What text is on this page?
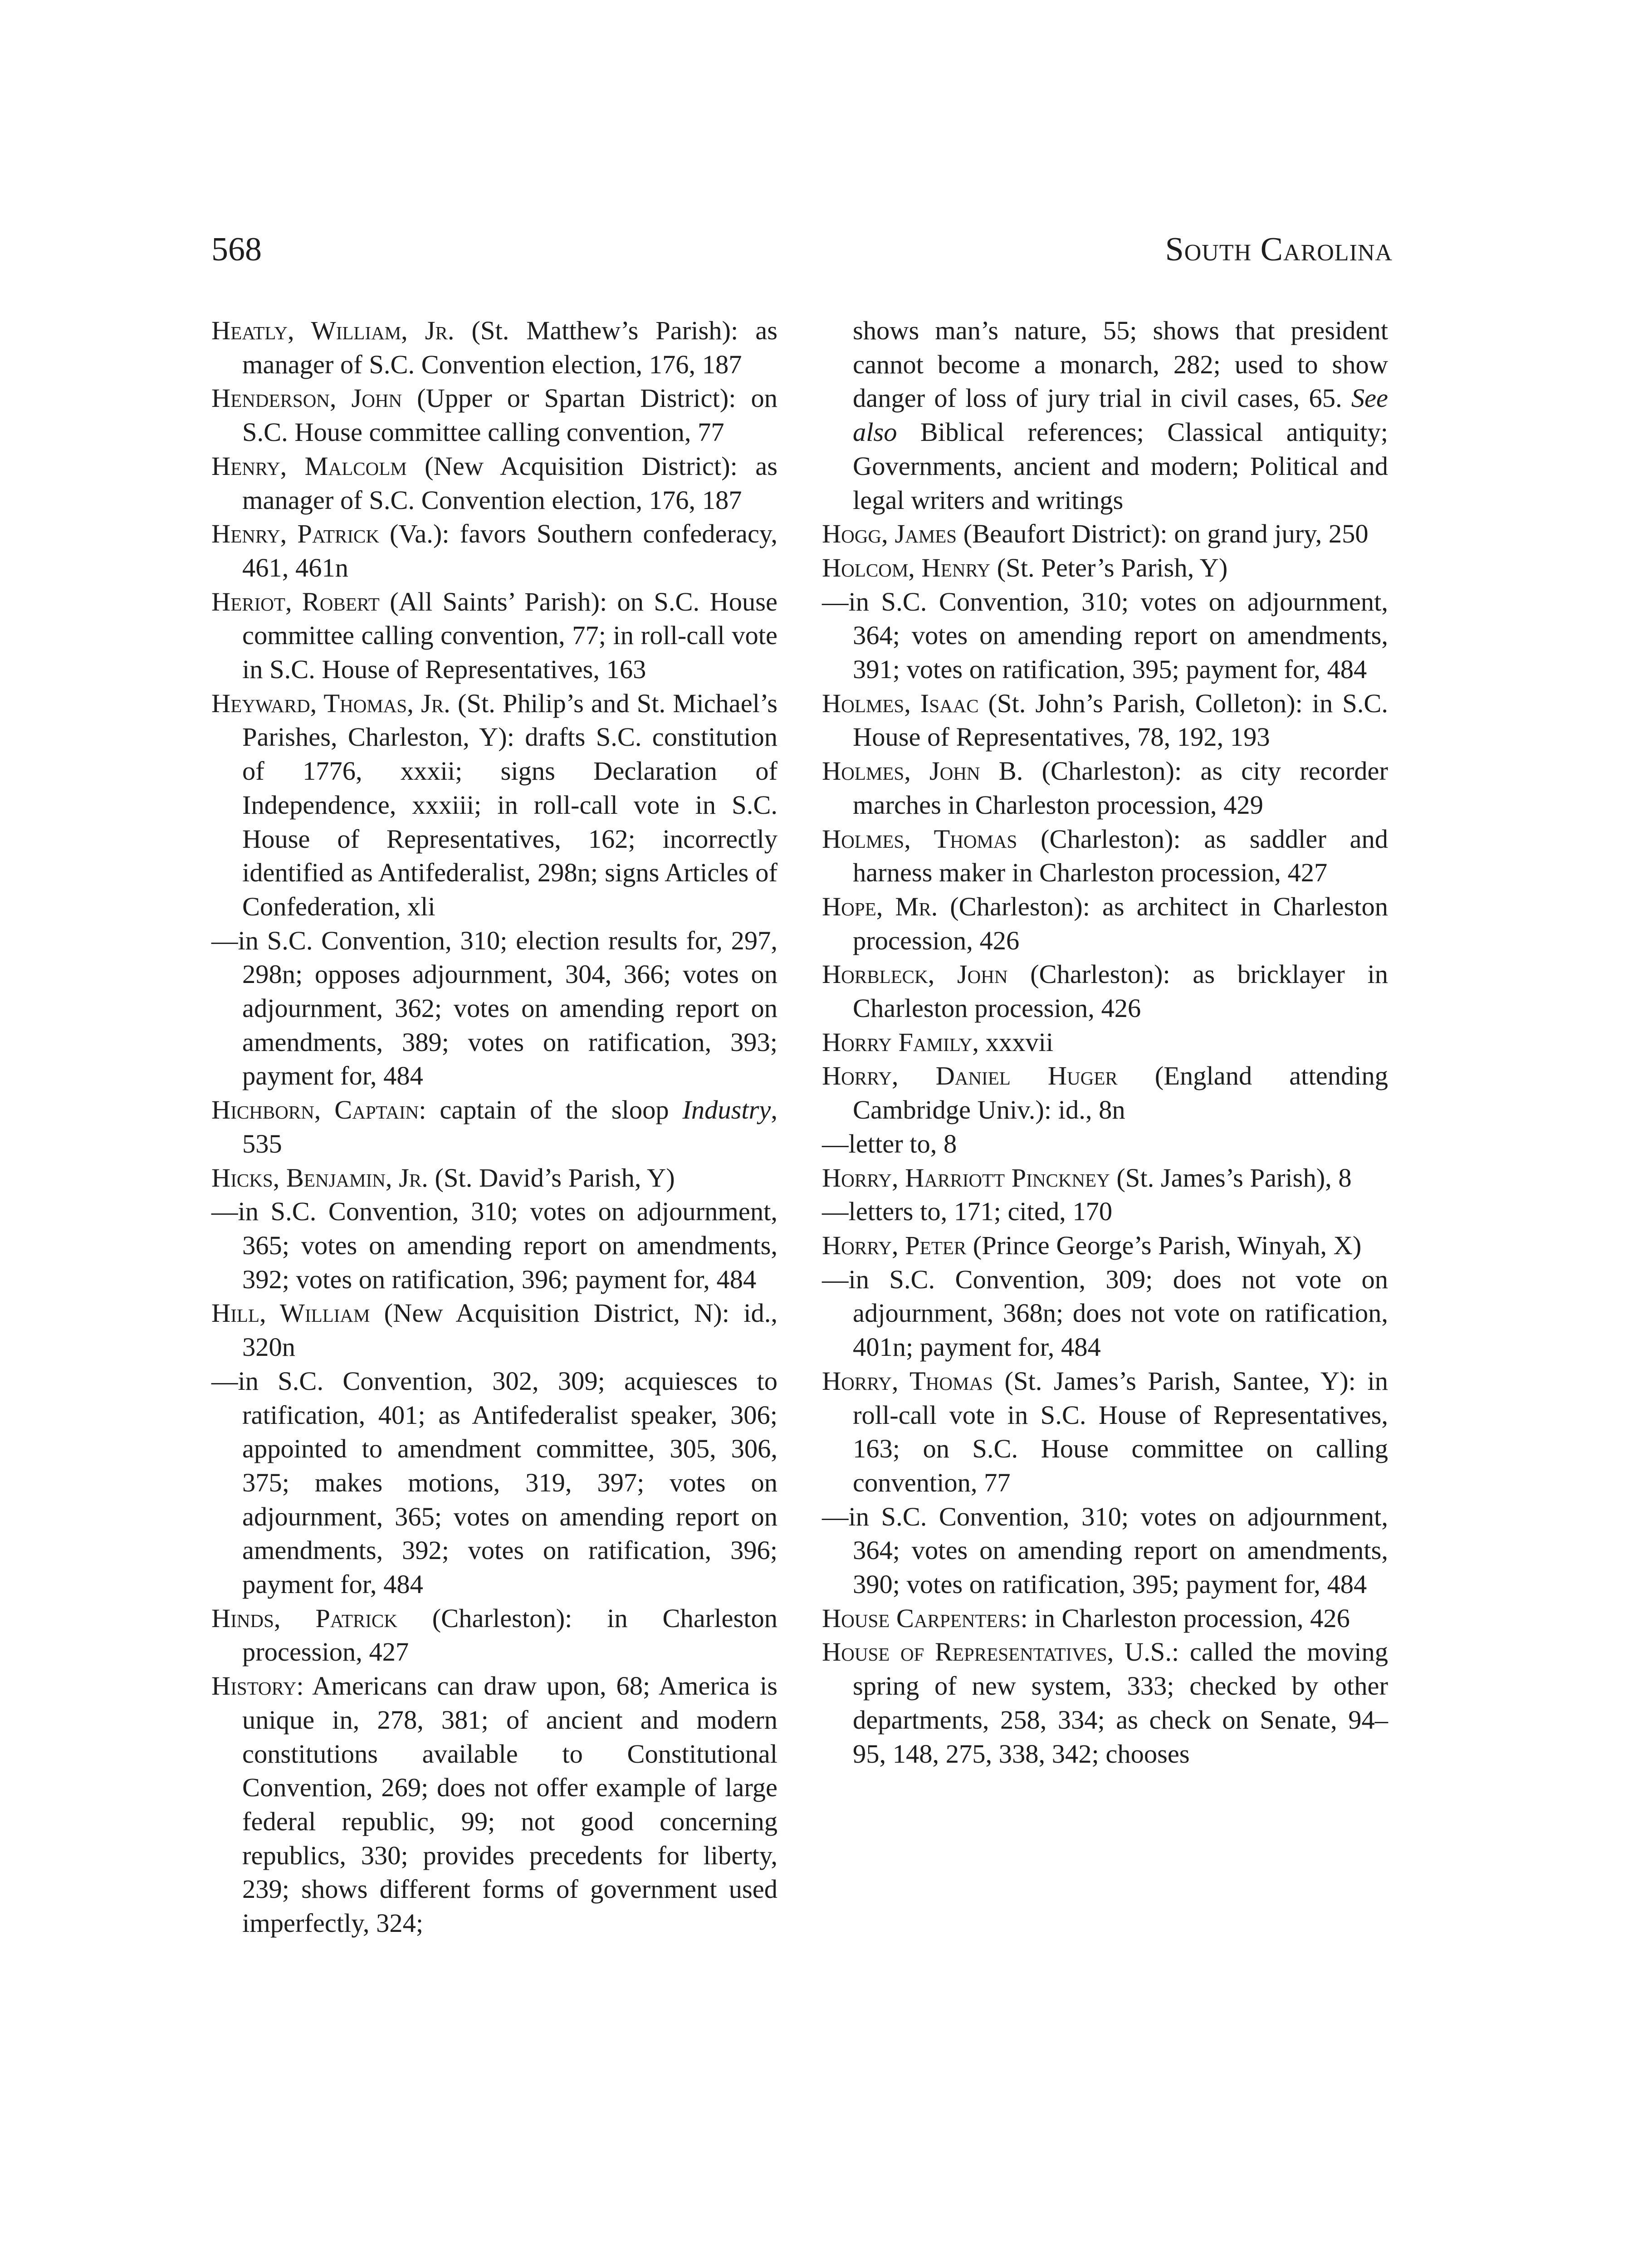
568	South Carolina

Heatly, William, Jr. (St. Matthew’s Parish): as manager of S.C. Convention election, 176, 187

Henderson, John (Upper or Spartan District): on S.C. House committee calling convention, 77

Henry, Malcolm (New Acquisition District): as manager of S.C. Convention election, 176, 187

Henry, Patrick (Va.): favors Southern confederacy, 461, 461n

Heriot, Robert (All Saints’ Parish): on S.C. House committee calling convention, 77; in roll-call vote in S.C. House of Representatives, 163

Heyward, Thomas, Jr. (St. Philip’s and St. Michael’s Parishes, Charleston, Y): drafts S.C. constitution of 1776, xxxii; signs Declaration of Independence, xxxiii; in roll-call vote in S.C. House of Representatives, 162; incorrectly identified as Antifederalist, 298n; signs Articles of Confederation, xli

—in S.C. Convention, 310; election results for, 297, 298n; opposes adjournment, 304, 366; votes on adjournment, 362; votes on amending report on amendments, 389; votes on ratification, 393; payment for, 484

Hichborn, Captain: captain of the sloop Industry, 535

Hicks, Benjamin, Jr. (St. David’s Parish, Y)

—in S.C. Convention, 310; votes on adjournment, 365; votes on amending report on amendments, 392; votes on ratification, 396; payment for, 484

Hill, William (New Acquisition District, N): id., 320n

—in S.C. Convention, 302, 309; acquiesces to ratification, 401; as Antifederalist speaker, 306; appointed to amendment committee, 305, 306, 375; makes motions, 319, 397; votes on adjournment, 365; votes on amending report on amendments, 392; votes on ratification, 396; payment for, 484

Hinds, Patrick (Charleston): in Charleston procession, 427

History: Americans can draw upon, 68; America is unique in, 278, 381; of ancient and modern constitutions available to Constitutional Convention, 269; does not offer example of large federal republic, 99; not good concerning republics, 330; provides precedents for liberty, 239; shows different forms of government used imperfectly, 324;

shows man’s nature, 55; shows that president cannot become a monarch, 282; used to show danger of loss of jury trial in civil cases, 65. See also Biblical references; Classical antiquity; Governments, ancient and modern; Political and legal writers and writings

Hogg, James (Beaufort District): on grand jury, 250

Holcom, Henry (St. Peter’s Parish, Y)

—in S.C. Convention, 310; votes on adjournment, 364; votes on amending report on amendments, 391; votes on ratification, 395; payment for, 484

Holmes, Isaac (St. John’s Parish, Colleton): in S.C. House of Representatives, 78, 192, 193

Holmes, John B. (Charleston): as city recorder marches in Charleston procession, 429

Holmes, Thomas (Charleston): as saddler and harness maker in Charleston procession, 427

Hope, Mr. (Charleston): as architect in Charleston procession, 426

Horbleck, John (Charleston): as bricklayer in Charleston procession, 426

Horry Family, xxxvii

Horry, Daniel Huger (England attending Cambridge Univ.): id., 8n

—letter to, 8

Horry, Harriott Pinckney (St. James’s Parish), 8

—letters to, 171; cited, 170

Horry, Peter (Prince George’s Parish, Winyah, X)

—in S.C. Convention, 309; does not vote on adjournment, 368n; does not vote on ratification, 401n; payment for, 484

Horry, Thomas (St. James’s Parish, Santee, Y): in roll-call vote in S.C. House of Representatives, 163; on S.C. House committee on calling convention, 77

—in S.C. Convention, 310; votes on adjournment, 364; votes on amending report on amendments, 390; votes on ratification, 395; payment for, 484

House Carpenters: in Charleston procession, 426

House of Representatives, U.S.: called the moving spring of new system, 333; checked by other departments, 258, 334; as check on Senate, 94–95, 148, 275, 338, 342; chooses
